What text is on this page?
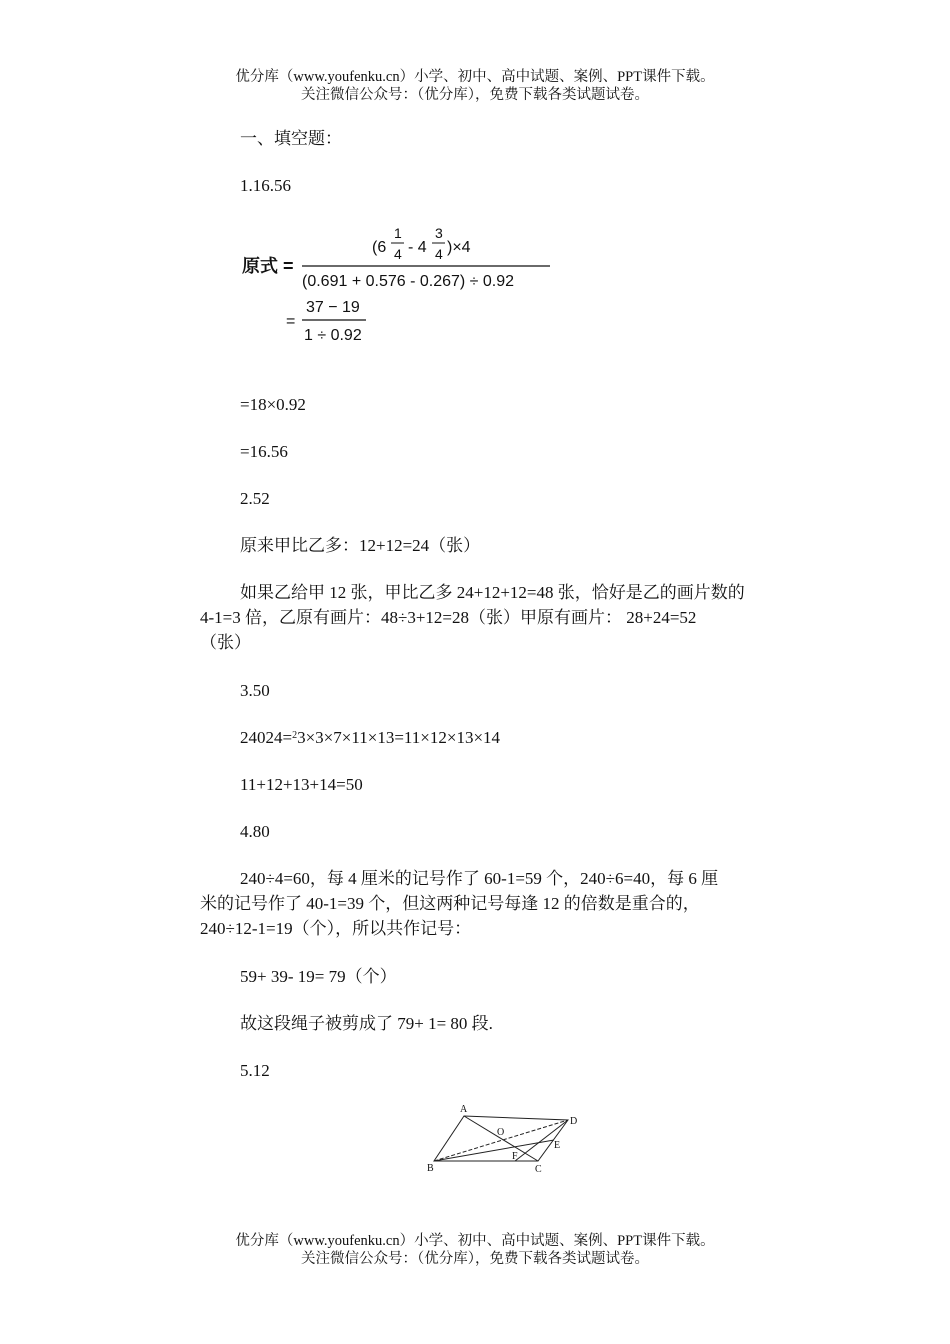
优分库（www.youfenku.cn）小学、初中、高中试题、案例、PPT课件下载。
关注微信公众号：（优分库），免费下载各类试题试卷。
一、填空题：
1.16.56
原式 =
(6
1
4 - 4
3
4 )×4
(0.691 + 0.576 - 0.267) ÷ 0.92
=
37 − 19
1 ÷ 0.92
=18×0.92
=16.56
2.52
原来甲比乙多：12+12=24（张）
如果乙给甲 12 张，甲比乙多 24+12+12=48 张，恰好是乙的画片数的
4-1=3 倍，乙原有画片：48÷3+12=28（张）甲原有画片： 28+24=52
（张）
3.50
24024=$^2$3×3×7×11×13=11×12×13×14
11+12+13+14=50
4.80
240÷4=60，每 4 厘米的记号作了 60-1=59 个，240÷6=40，每 6 厘
米的记号作了 40-1=39 个，但这两种记号每逢 12 的倍数是重合的，
240÷12-1=19（个），所以共作记号：
59+ 39- 19= 79（个）
故这段绳子被剪成了 79+ 1= 80 段.
5.12
A
B	C
D
E
F
O
优分库（www.youfenku.cn）小学、初中、高中试题、案例、PPT课件下载。
关注微信公众号：（优分库），免费下载各类试题试卷。
